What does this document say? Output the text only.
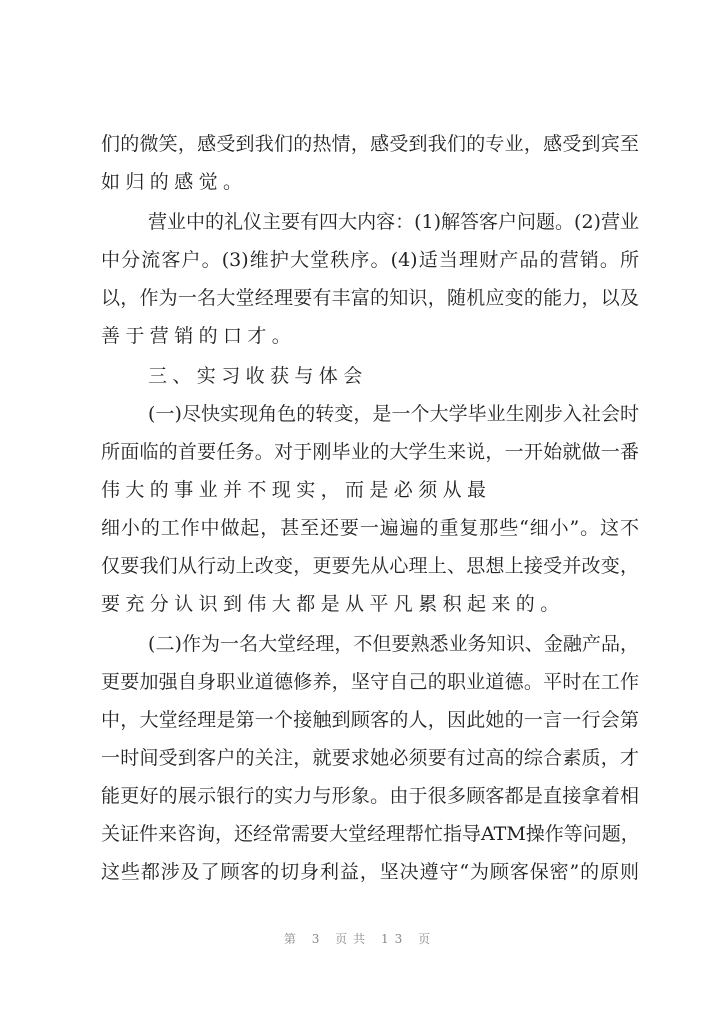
们的微笑，感受到我们的热情，感受到我们的专业，感受到宾至
如归的感觉。
营业中的礼仪主要有四大内容：(1)解答客户问题。(2)营业
中分流客户。(3)维护大堂秩序。(4)适当理财产品的营销。所
以，作为一名大堂经理要有丰富的知识，随机应变的能力，以及
善于营销的口才。
三、实习收获与体会
(一)尽快实现角色的转变，是一个大学毕业生刚步入社会时
所面临的首要任务。对于刚毕业的大学生来说，一开始就做一番
伟大的事业并不现实，而是必须从最
细小的工作中做起，甚至还要一遍遍的重复那些“细小”。这不
仅要我们从行动上改变，更要先从心理上、思想上接受并改变，
要充分认识到伟大都是从平凡累积起来的。
(二)作为一名大堂经理，不但要熟悉业务知识、金融产品，
更要加强自身职业道德修养，坚守自己的职业道德。平时在工作
中，大堂经理是第一个接触到顾客的人，因此她的一言一行会第
一时间受到客户的关注，就要求她必须要有过高的综合素质，才
能更好的展示银行的实力与形象。由于很多顾客都是直接拿着相
关证件来咨询，还经常需要大堂经理帮忙指导ATM操作等问题，
这些都涉及了顾客的切身利益，坚决遵守“为顾客保密”的原则
第 3 页共 13 页
